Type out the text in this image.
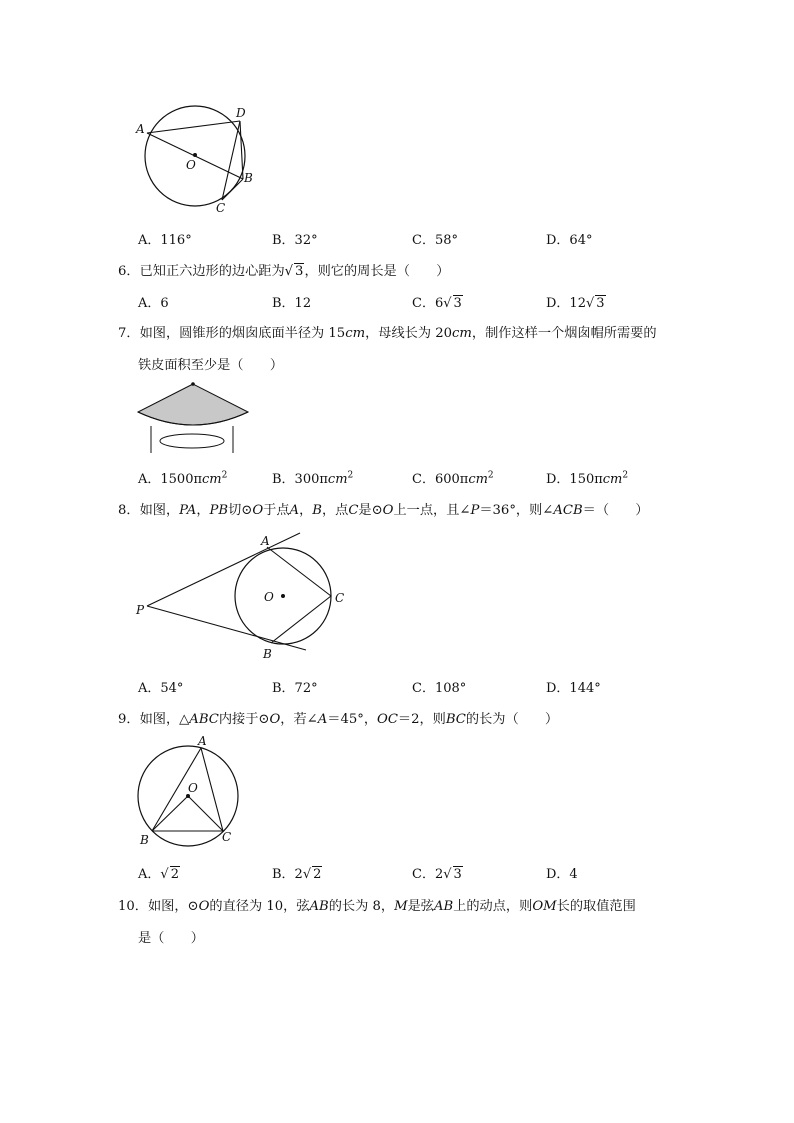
A
D
O
B
C
A．116°	B．32°	C．58°	D．64°
6．已知正六边形的边心距为√ 3，则它的周长是（　　）
A．6	B．12	C．6√ 3	D．12√ 3
7．如图，圆锥形的烟囱底面半径为 15cm，母线长为 20cm，制作这样一个烟囱帽所需要的
铁皮面积至少是（　　）
A．1500πcm$^2$	B．300πcm$^2$	C．600πcm$^2$	D．150πcm$^2$
8．如图，PA，PB切⊙O于点A，B，点C是⊙O上一点，且∠P＝36°，则∠ACB＝（　　）
A
P
O	C
B
A．54°	B．72°	C．108°	D．144°
9．如图，△ABC内接于⊙O，若∠A＝45°，OC＝2，则BC的长为（　　）
A
O
B	C
A．√ 2	B．2√ 2	C．2√ 3	D．4
10．如图，⊙O的直径为 10，弦AB的长为 8，M是弦AB上的动点，则OM长的取值范围
是（　　）
